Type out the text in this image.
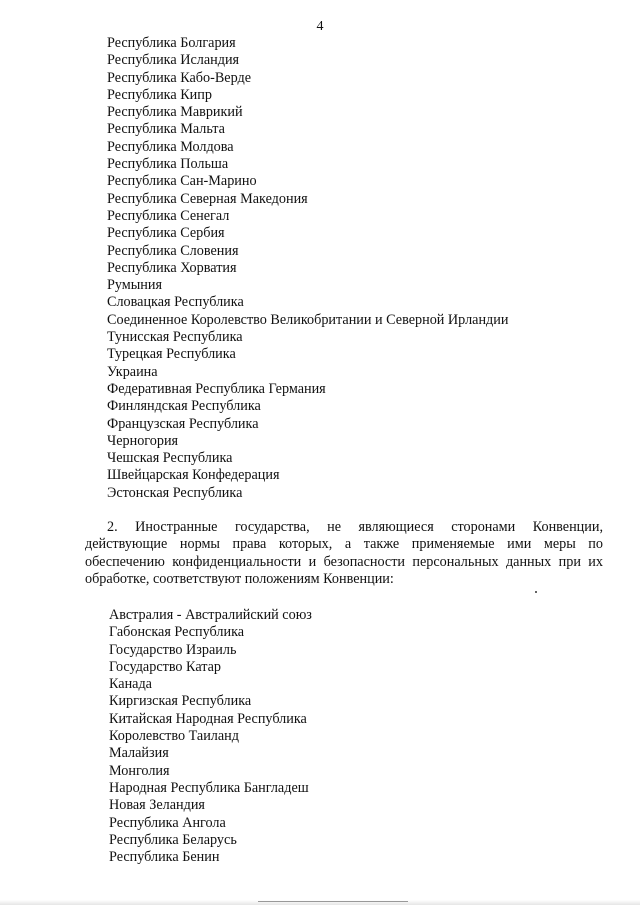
4
Республика Болгария
Республика Исландия
Республика Кабо-Верде
Республика Кипр
Республика Маврикий
Республика Мальта
Республика Молдова
Республика Польша
Республика Сан-Марино
Республика Северная Македония
Республика Сенегал
Республика Сербия
Республика Словения
Республика Хорватия
Румыния
Словацкая Республика
Соединенное Королевство Великобритании и Северной Ирландии
Тунисская Республика
Турецкая Республика
Украина
Федеративная Республика Германия
Финляндская Республика
Французская Республика
Черногория
Чешская Республика
Швейцарская Конфедерация
Эстонская Республика

2. Иностранные государства, не являющиеся сторонами Конвенции, действующие нормы права которых, а также применяемые ими меры по обеспечению конфиденциальности и безопасности персональных данных при их обработке, соответствуют положениям Конвенции:

Австралия - Австралийский союз
Габонская Республика
Государство Израиль
Государство Катар
Канада
Киргизская Республика
Китайская Народная Республика
Королевство Таиланд
Малайзия
Монголия
Народная Республика Бангладеш
Новая Зеландия
Республика Ангола
Республика Беларусь
Республика Бенин
